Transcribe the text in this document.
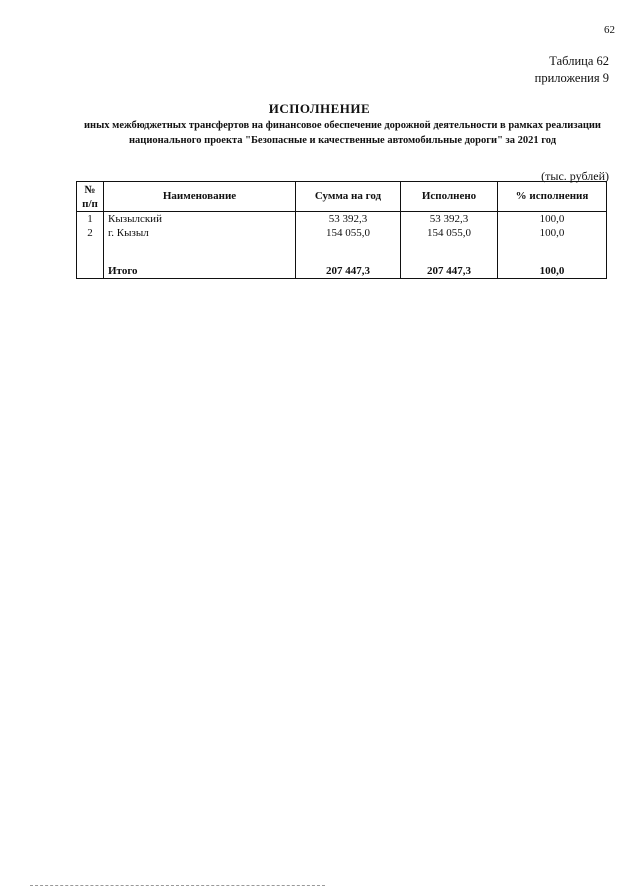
62
Таблица 62
приложения 9
ИСПОЛНЕНИЕ
иных межбюджетных трансфертов на финансовое обеспечение дорожной деятельности в рамках реализации национального проекта "Безопасные и качественные автомобильные дороги" за 2021 год
(тыс. рублей)
№ п/п	Наименование	Сумма на год	Исполнено	% исполнения
1	Кызылский	53 392,3	53 392,3	100,0
2	г. Кызыл	154 055,0	154 055,0	100,0

	Итого	207 447,3	207 447,3	100,0
